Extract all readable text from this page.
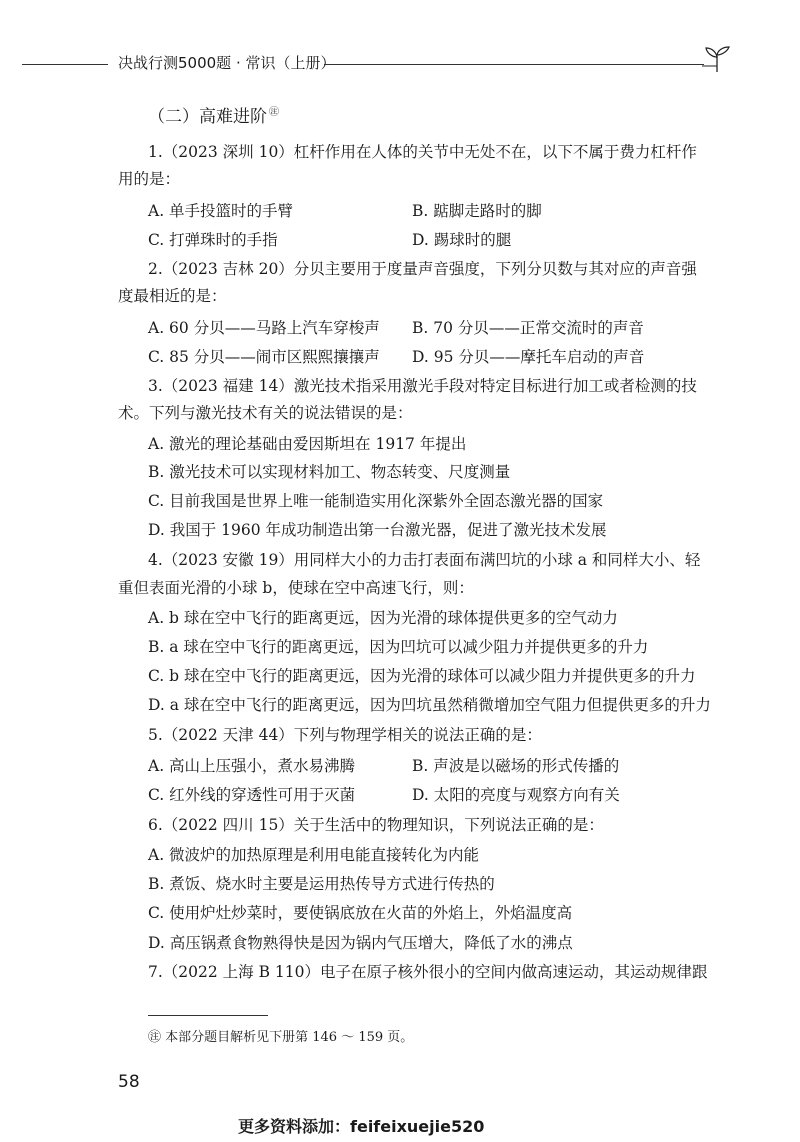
决战行测5000题 · 常识（上册）
（二）高难进阶 ㊟
1.（2023 深圳 10）杠杆作用在人体的关节中无处不在，以下不属于费力杠杆作
用的是：
A. 单手投篮时的手臂	B. 踮脚走路时的脚
C. 打弹珠时的手指	D. 踢球时的腿
2.（2023 吉林 20）分贝主要用于度量声音强度，下列分贝数与其对应的声音强
度最相近的是：
A. 60 分贝——马路上汽车穿梭声 B. 70 分贝——正常交流时的声音
C. 85 分贝——闹市区熙熙攘攘声 D. 95 分贝——摩托车启动的声音
3.（2023 福建 14）激光技术指采用激光手段对特定目标进行加工或者检测的技
术。下列与激光技术有关的说法错误的是：
A. 激光的理论基础由爱因斯坦在 1917 年提出
B. 激光技术可以实现材料加工、物态转变、尺度测量
C. 目前我国是世界上唯一能制造实用化深紫外全固态激光器的国家
D. 我国于 1960 年成功制造出第一台激光器，促进了激光技术发展
4.（2023 安徽 19）用同样大小的力击打表面布满凹坑的小球 a 和同样大小、轻
重但表面光滑的小球 b，使球在空中高速飞行，则：
A. b 球在空中飞行的距离更远，因为光滑的球体提供更多的空气动力
B. a 球在空中飞行的距离更远，因为凹坑可以减少阻力并提供更多的升力
C. b 球在空中飞行的距离更远，因为光滑的球体可以减少阻力并提供更多的升力
D. a 球在空中飞行的距离更远，因为凹坑虽然稍微增加空气阻力但提供更多的升力
5.（2022 天津 44）下列与物理学相关的说法正确的是：
A. 高山上压强小，煮水易沸腾	B. 声波是以磁场的形式传播的
C. 红外线的穿透性可用于灭菌	D. 太阳的亮度与观察方向有关
6.（2022 四川 15）关于生活中的物理知识，下列说法正确的是：
A. 微波炉的加热原理是利用电能直接转化为内能
B. 煮饭、烧水时主要是运用热传导方式进行传热的
C. 使用炉灶炒菜时，要使锅底放在火苗的外焰上，外焰温度高
D. 高压锅煮食物熟得快是因为锅内气压增大，降低了水的沸点
7.（2022 上海 B 110）电子在原子核外很小的空间内做高速运动，其运动规律跟
㊟ 本部分题目解析见下册第 146 ～ 159 页。
58
更多资料添加：feifeixuejie520
